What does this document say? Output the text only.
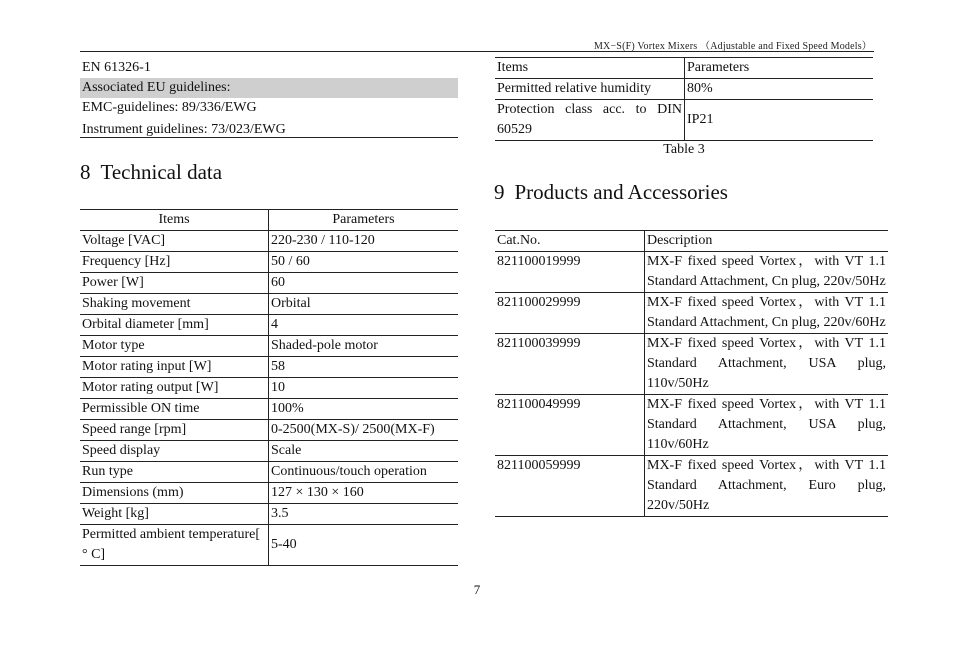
MX−S(F) Vortex Mixers （Adjustable and Fixed Speed Models）
EN 61326-1
Associated EU guidelines:
EMC-guidelines: 89/336/EWG
Instrument guidelines: 73/023/EWG
8 Technical data
Items	Parameters
Voltage [VAC]	220-230 / 110-120
Frequency [Hz]	50 / 60
Power [W]	60
Shaking movement	Orbital
Orbital diameter [mm]	4
Motor type	Shaded-pole motor
Motor rating input [W]	58
Motor rating output [W]	10
Permissible ON time	100%
Speed range [rpm]	0-2500(MX-S)/ 2500(MX-F)
Speed display	Scale
Run type	Continuous/touch operation
Dimensions (mm)	127 × 130 × 160
Weight [kg]	3.5
Permitted ambient temperature[ ° C]	5-40
Items	Parameters
Permitted relative humidity	80%
Protection class acc. to DIN 60529	IP21
Table 3
9 Products and Accessories
Cat.No.	Description
821100019999	MX-F fixed speed Vortex，with VT 1.1 Standard Attachment, Cn plug, 220v/50Hz
821100029999	MX-F fixed speed Vortex，with VT 1.1 Standard Attachment, Cn plug, 220v/60Hz
821100039999	MX-F fixed speed Vortex，with VT 1.1 Standard Attachment, USA plug, 110v/50Hz
821100049999	MX-F fixed speed Vortex，with VT 1.1 Standard Attachment, USA plug, 110v/60Hz
821100059999	MX-F fixed speed Vortex，with VT 1.1 Standard Attachment, Euro plug, 220v/50Hz
7
